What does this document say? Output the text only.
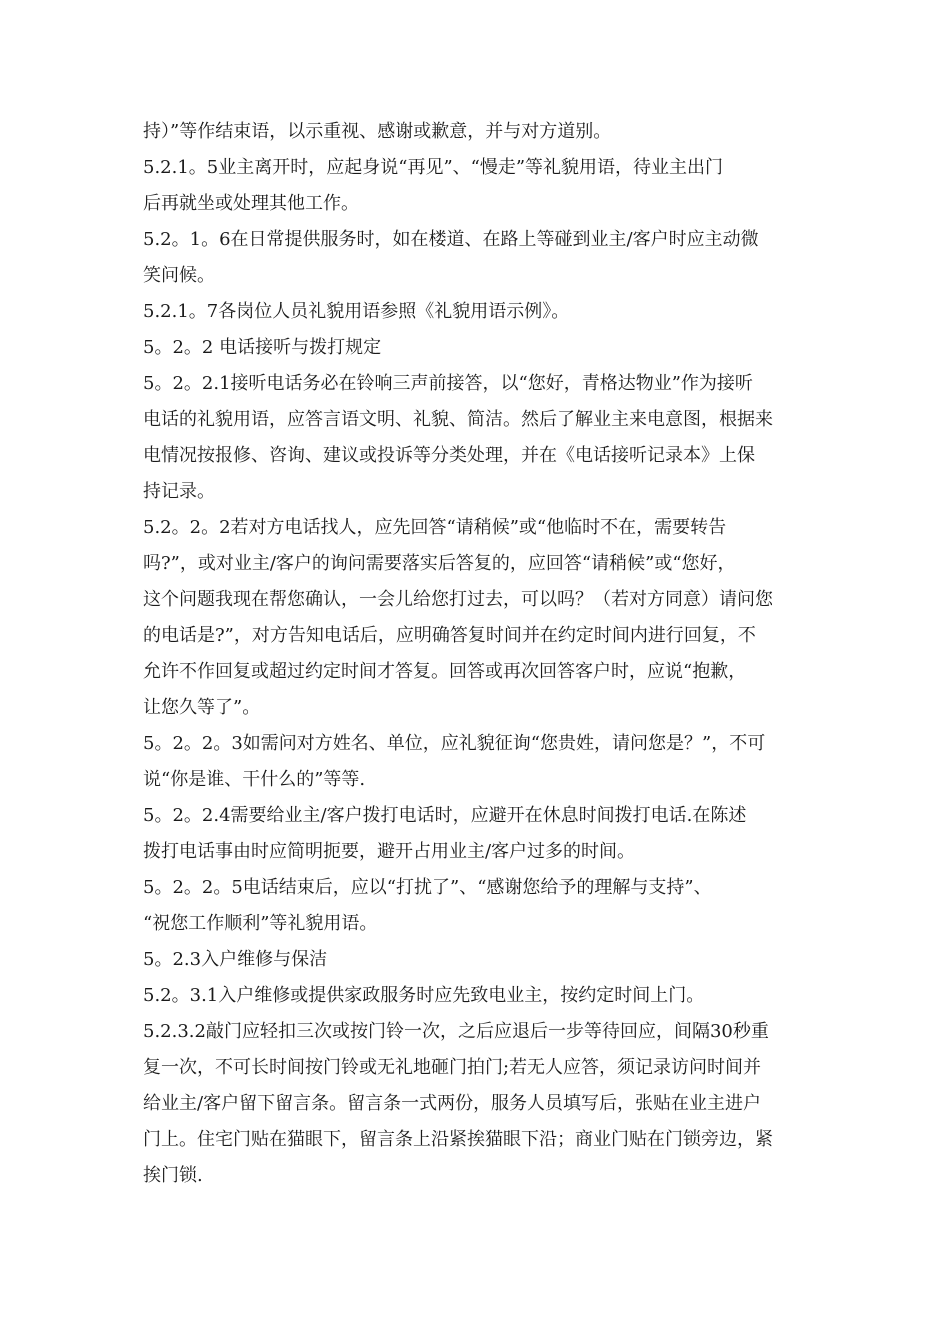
持）”等作结束语，以示重视、感谢或歉意，并与对方道别。
5.2.1。5业主离开时，应起身说“再见”、“慢走”等礼貌用语，待业主出门
后再就坐或处理其他工作。
5.2。1。6在日常提供服务时，如在楼道、在路上等碰到业主/客户时应主动微
笑问候。
5.2.1。7各岗位人员礼貌用语参照《礼貌用语示例》。
5。2。2 电话接听与拨打规定
5。2。2.1接听电话务必在铃响三声前接答，以“您好，青格达物业”作为接听
电话的礼貌用语，应答言语文明、礼貌、简洁。然后了解业主来电意图，根据来
电情况按报修、咨询、建议或投诉等分类处理，并在《电话接听记录本》上保
持记录。
5.2。2。2若对方电话找人，应先回答“请稍候”或“他临时不在，需要转告
吗?”，或对业主/客户的询问需要落实后答复的，应回答“请稍候”或“您好，
这个问题我现在帮您确认，一会儿给您打过去，可以吗？（若对方同意）请问您
的电话是?”，对方告知电话后，应明确答复时间并在约定时间内进行回复，不
允许不作回复或超过约定时间才答复。回答或再次回答客户时，应说“抱歉，
让您久等了”。
5。2。2。3如需问对方姓名、单位，应礼貌征询“您贵姓，请问您是？”，不可
说“你是谁、干什么的”等等.
5。2。2.4需要给业主/客户拨打电话时，应避开在休息时间拨打电话.在陈述
拨打电话事由时应简明扼要，避开占用业主/客户过多的时间。
5。2。2。5电话结束后，应以“打扰了”、“感谢您给予的理解与支持”、
“祝您工作顺利”等礼貌用语。
5。2.3入户维修与保洁
5.2。3.1入户维修或提供家政服务时应先致电业主，按约定时间上门。
5.2.3.2敲门应轻扣三次或按门铃一次，之后应退后一步等待回应，间隔30秒重
复一次，不可长时间按门铃或无礼地砸门拍门;若无人应答，须记录访问时间并
给业主/客户留下留言条。留言条一式两份，服务人员填写后，张贴在业主进户
门上。住宅门贴在猫眼下，留言条上沿紧挨猫眼下沿；商业门贴在门锁旁边，紧
挨门锁.
